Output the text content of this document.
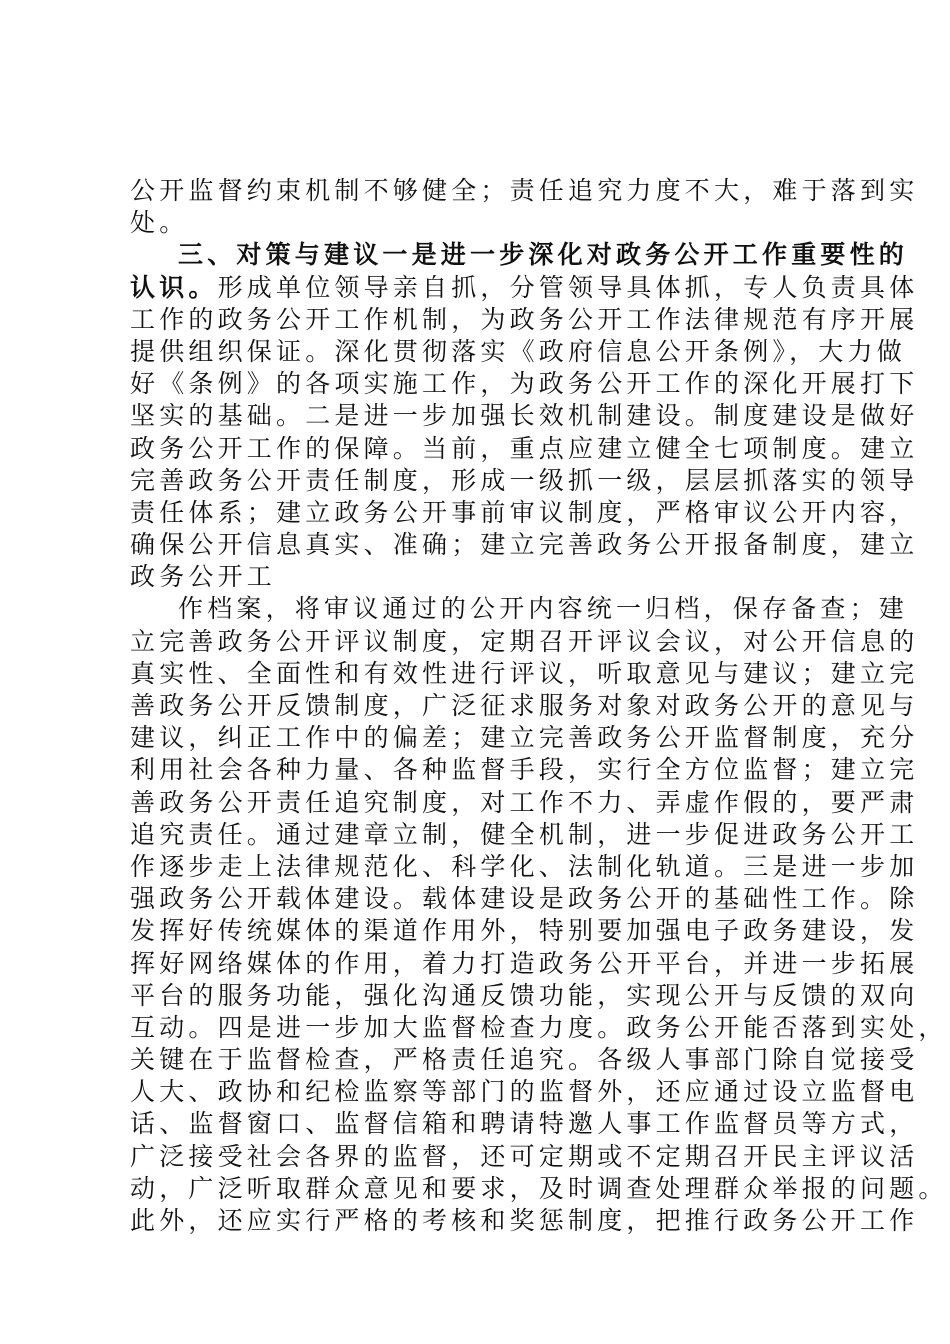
公开监督约束机制不够健全；责任追究力度不大，难于落到实
处。
三、对策与建议一是进一步深化对政务公开工作重要性的
认识。形成单位领导亲自抓，分管领导具体抓，专人负责具体
工作的政务公开工作机制，为政务公开工作法律规范有序开展
提供组织保证。深化贯彻落实《政府信息公开条例》，大力做
好《条例》的各项实施工作，为政务公开工作的深化开展打下
坚实的基础。二是进一步加强长效机制建设。制度建设是做好
政务公开工作的保障。当前，重点应建立健全七项制度。建立
完善政务公开责任制度，形成一级抓一级，层层抓落实的领导
责任体系；建立政务公开事前审议制度，严格审议公开内容，
确保公开信息真实、准确；建立完善政务公开报备制度，建立
政务公开工
作档案，将审议通过的公开内容统一归档，保存备查；建
立完善政务公开评议制度，定期召开评议会议，对公开信息的
真实性、全面性和有效性进行评议，听取意见与建议；建立完
善政务公开反馈制度，广泛征求服务对象对政务公开的意见与
建议，纠正工作中的偏差；建立完善政务公开监督制度，充分
利用社会各种力量、各种监督手段，实行全方位监督；建立完
善政务公开责任追究制度，对工作不力、弄虚作假的，要严肃
追究责任。通过建章立制，健全机制，进一步促进政务公开工
作逐步走上法律规范化、科学化、法制化轨道。三是进一步加
强政务公开载体建设。载体建设是政务公开的基础性工作。除
发挥好传统媒体的渠道作用外，特别要加强电子政务建设，发
挥好网络媒体的作用，着力打造政务公开平台，并进一步拓展
平台的服务功能，强化沟通反馈功能，实现公开与反馈的双向
互动。四是进一步加大监督检查力度。政务公开能否落到实处，
关键在于监督检查，严格责任追究。各级人事部门除自觉接受
人大、政协和纪检监察等部门的监督外，还应通过设立监督电
话、监督窗口、监督信箱和聘请特邀人事工作监督员等方式，
广泛接受社会各界的监督，还可定期或不定期召开民主评议活
动，广泛听取群众意见和要求，及时调查处理群众举报的问题。
此外，还应实行严格的考核和奖惩制度，把推行政务公开工作
